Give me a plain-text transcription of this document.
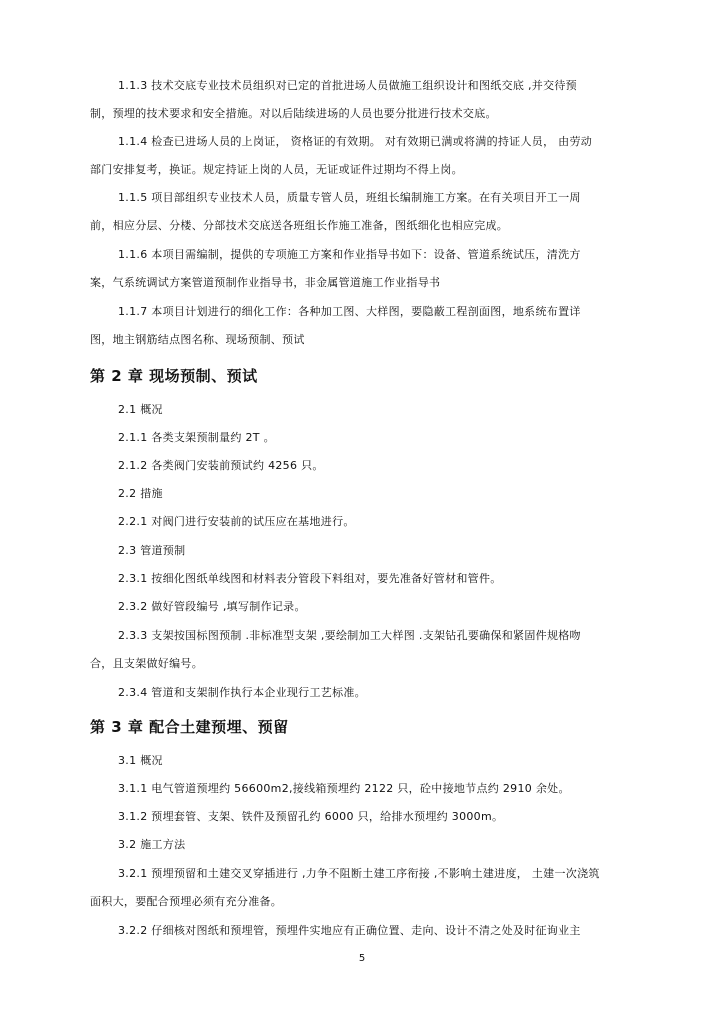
1.1.3 技术交底专业技术员组织对已定的首批进场人员做施工组织设计和图纸交底 ,并交待预
制，预埋的技术要求和安全措施。对以后陆续进场的人员也要分批进行技术交底。
1.1.4 检查已进场人员的上岗证， 资格证的有效期。 对有效期已满或将满的持证人员， 由劳动
部门安排复考，换证。规定持证上岗的人员，无证或证件过期均不得上岗。
1.1.5 项目部组织专业技术人员，质量专管人员，班组长编制施工方案。在有关项目开工一周
前，相应分层、分楼、分部技术交底送各班组长作施工准备，图纸细化也相应完成。
1.1.6 本项目需编制，提供的专项施工方案和作业指导书如下：设备、管道系统试压，清洗方
案，气系统调试方案管道预制作业指导书，非金属管道施工作业指导书
1.1.7 本项目计划进行的细化工作：各种加工图、大样图，要隐蔽工程剖面图，地系统布置详
图，地主钢筋结点图名称、现场预制、预试
第 2 章 现场预制、预试
2.1 概况
2.1.1 各类支架预制量约 2T 。
2.1.2 各类阀门安装前预试约 4256 只。
2.2 措施
2.2.1 对阀门进行安装前的试压应在基地进行。
2.3 管道预制
2.3.1 按细化图纸单线图和材料表分管段下料组对，要先准备好管材和管件。
2.3.2 做好管段编号 ,填写制作记录。
2.3.3 支架按国标图预制 .非标准型支架 ,要绘制加工大样图 .支架钻孔要确保和紧固件规格吻
合，且支架做好编号。
2.3.4 管道和支架制作执行本企业现行工艺标准。
第 3 章 配合土建预埋、预留
3.1 概况
3.1.1 电气管道预埋约 56600m2,接线箱预埋约 2122 只，砼中接地节点约 2910 余处。
3.1.2 预埋套管、支架、铁件及预留孔约 6000 只，给排水预埋约 3000m。
3.2 施工方法
3.2.1 预埋预留和土建交叉穿插进行 ,力争不阻断土建工序衔接 ,不影响土建进度， 土建一次浇筑
面积大，要配合预埋必须有充分准备。
3.2.2 仔细核对图纸和预埋管，预埋件实地应有正确位置、走向、设计不清之处及时征询业主
5
